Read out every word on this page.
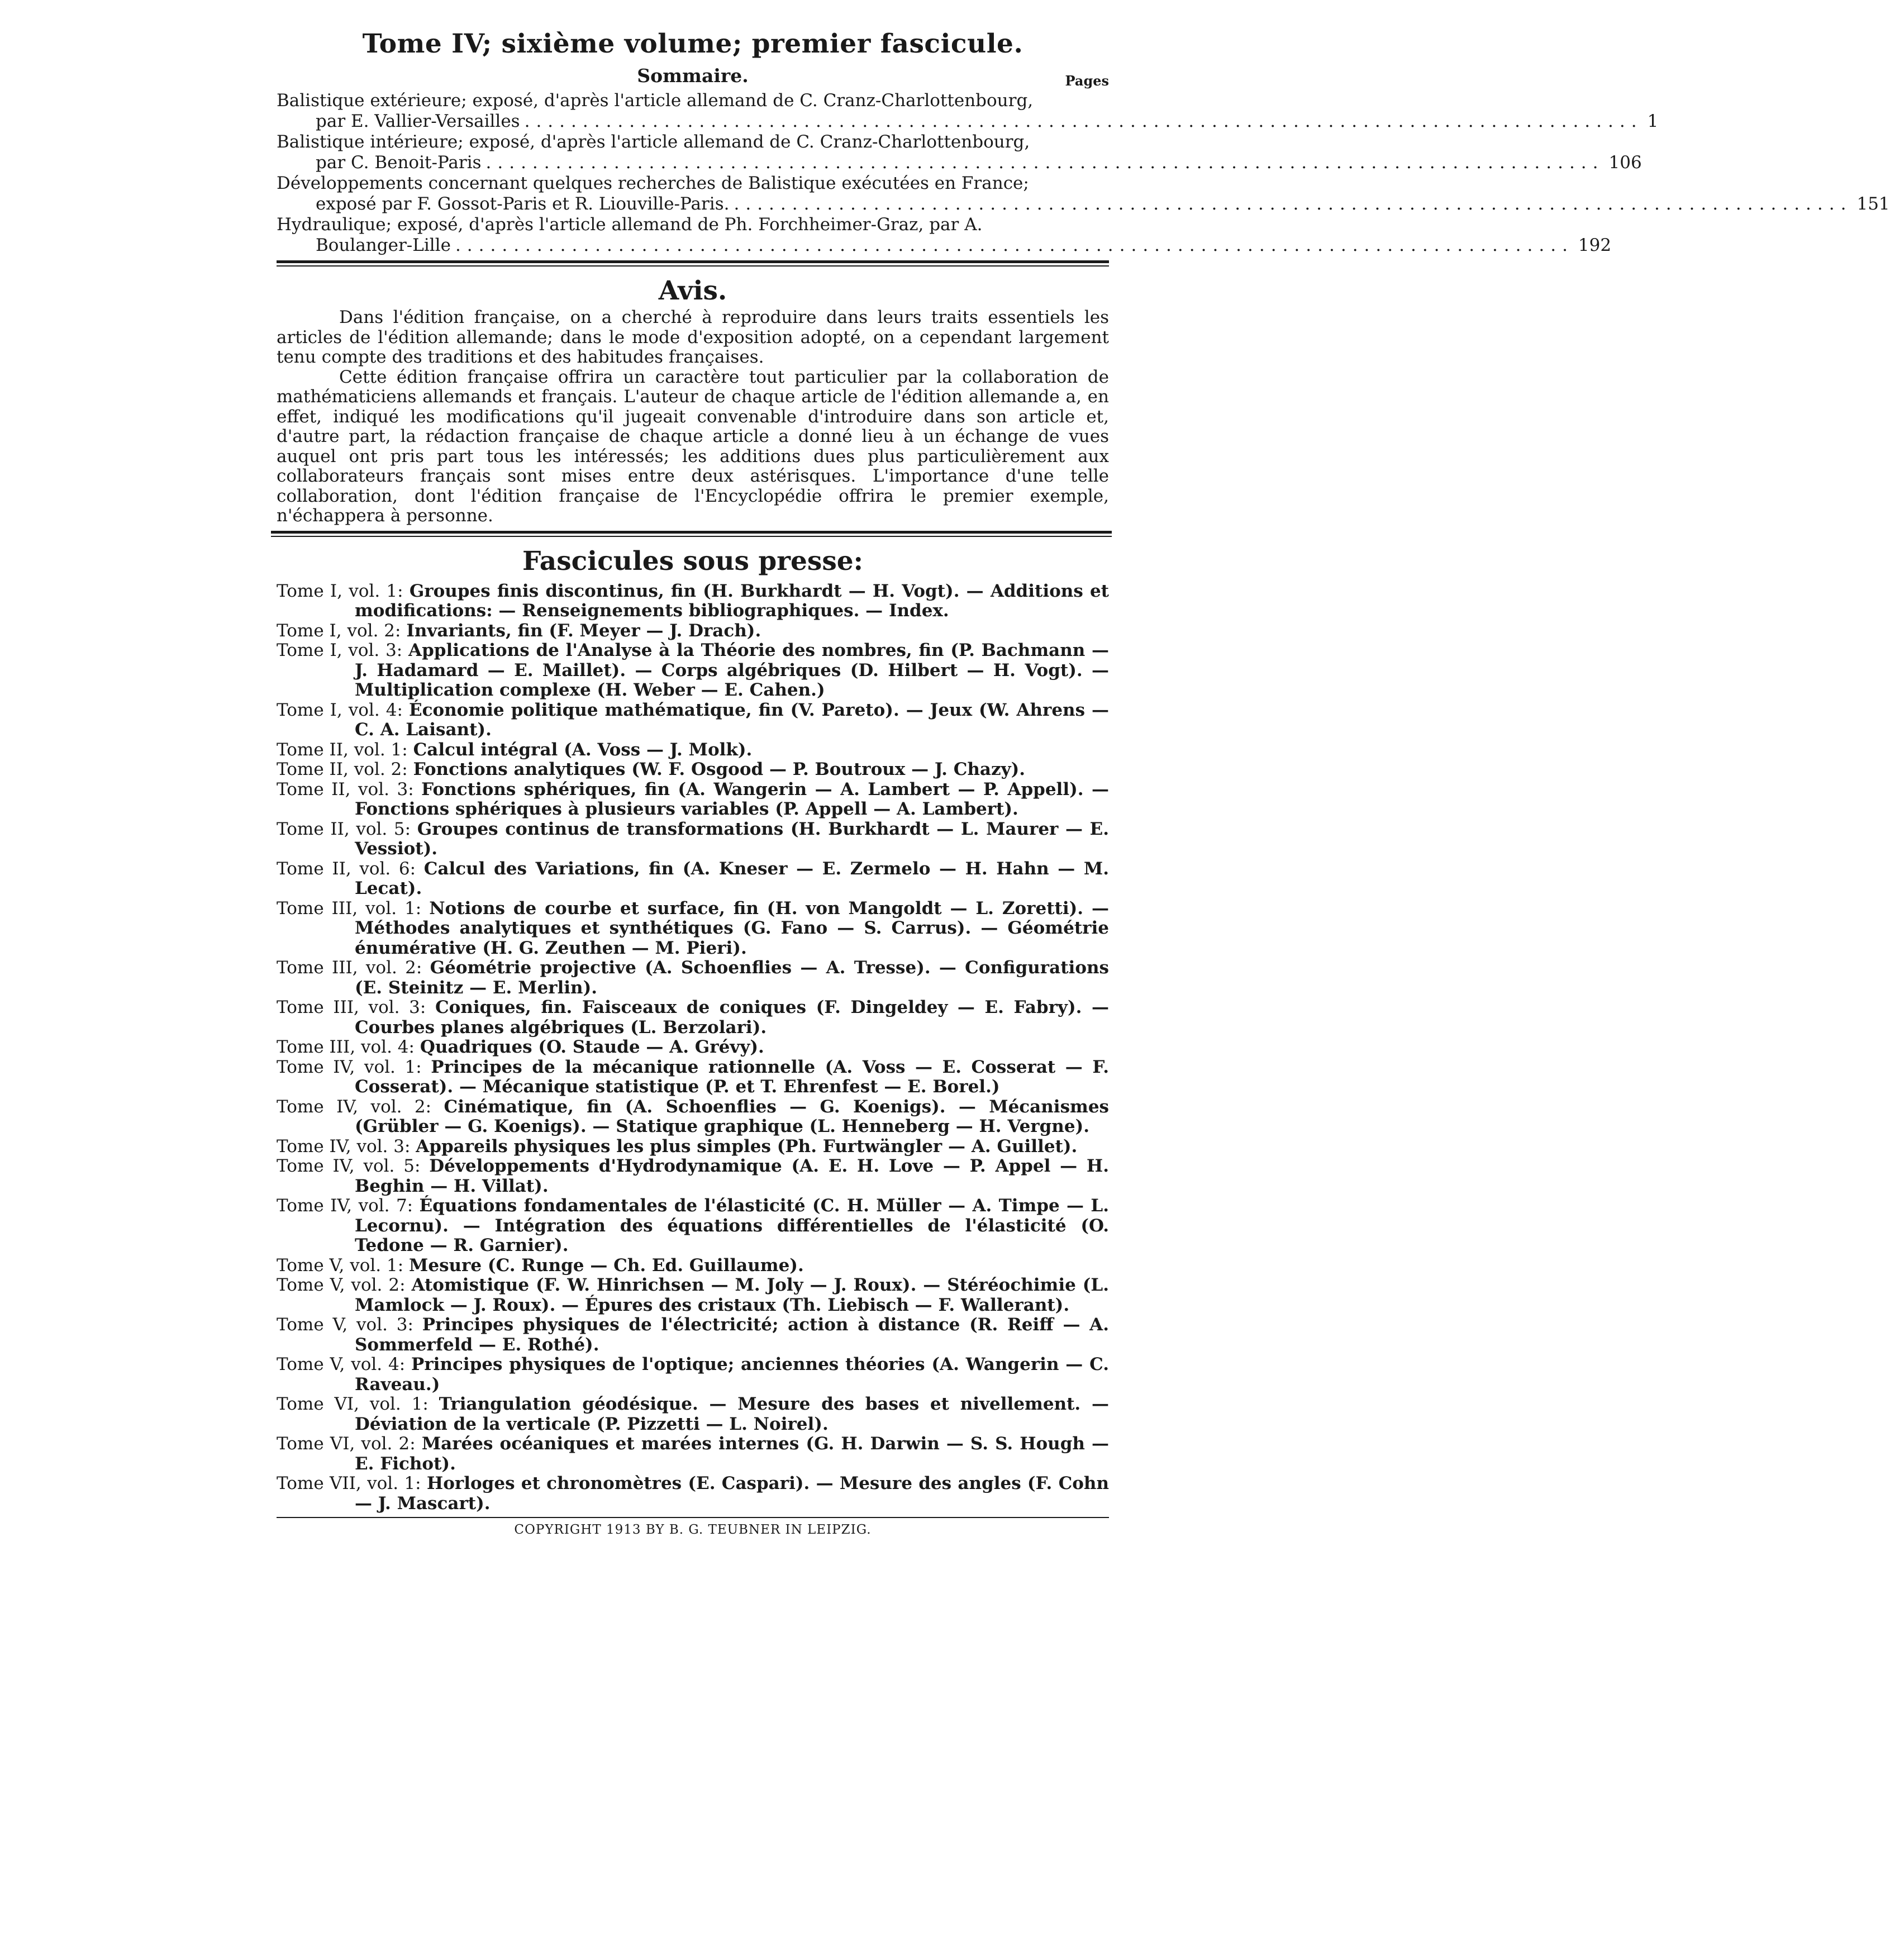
Tome IV; sixième volume; premier fascicule.
Sommaire.	Pages
Balistique extérieure; exposé, d'après l'article allemand de C. Cranz-Charlottenbourg,
par E. Vallier-Versailles ................................................................................................ 1
Balistique intérieure; exposé, d'après l'article allemand de C. Cranz-Charlottenbourg,
par C. Benoit-Paris ................................................................................................ 106
Développements concernant quelques recherches de Balistique exécutées en France;
exposé par F. Gossot-Paris et R. Liouville-Paris. ................................................................................................ 151
Hydraulique; exposé, d'après l'article allemand de Ph. Forchheimer-Graz, par A.
Boulanger-Lille ................................................................................................ 192
Avis.

Dans l'édition française, on a cherché à reproduire dans leurs traits essentiels les articles de l'édition allemande; dans le mode d'exposition adopté, on a cependant largement tenu compte des traditions et des habitudes françaises.

Cette édition française offrira un caractère tout particulier par la collaboration de mathématiciens allemands et français. L'auteur de chaque article de l'édition allemande a, en effet, indiqué les modifications qu'il jugeait convenable d'introduire dans son article et, d'autre part, la rédaction française de chaque article a donné lieu à un échange de vues auquel ont pris part tous les intéressés; les additions dues plus particulièrement aux collaborateurs français sont mises entre deux astérisques. L'importance d'une telle collaboration, dont l'édition française de l'Encyclopédie offrira le premier exemple, n'échappera à personne.

Fascicules sous presse:
Tome I, vol. 1: Groupes finis discontinus, fin (H. Burkhardt — H. Vogt). — Additions et modifications: — Renseignements bibliographiques. — Index.
Tome I, vol. 2: Invariants, fin (F. Meyer — J. Drach).
Tome I, vol. 3: Applications de l'Analyse à la Théorie des nombres, fin (P. Bachmann — J. Hadamard — E. Maillet). — Corps algébriques (D. Hilbert — H. Vogt). — Multiplication complexe (H. Weber — E. Cahen.)
Tome I, vol. 4: Économie politique mathématique, fin (V. Pareto). — Jeux (W. Ahrens — C. A. Laisant).
Tome II, vol. 1: Calcul intégral (A. Voss — J. Molk).
Tome II, vol. 2: Fonctions analytiques (W. F. Osgood — P. Boutroux — J. Chazy).
Tome II, vol. 3: Fonctions sphériques, fin (A. Wangerin — A. Lambert — P. Appell). — Fonctions sphériques à plusieurs variables (P. Appell — A. Lambert).
Tome II, vol. 5: Groupes continus de transformations (H. Burkhardt — L. Maurer — E. Vessiot).
Tome II, vol. 6: Calcul des Variations, fin (A. Kneser — E. Zermelo — H. Hahn — M. Lecat).
Tome III, vol. 1: Notions de courbe et surface, fin (H. von Mangoldt — L. Zoretti). — Méthodes analytiques et synthétiques (G. Fano — S. Carrus). — Géométrie énumérative (H. G. Zeuthen — M. Pieri).
Tome III, vol. 2: Géométrie projective (A. Schoenflies — A. Tresse). — Configurations (E. Steinitz — E. Merlin).
Tome III, vol. 3: Coniques, fin. Faisceaux de coniques (F. Dingeldey — E. Fabry). — Courbes planes algébriques (L. Berzolari).
Tome III, vol. 4: Quadriques (O. Staude — A. Grévy).
Tome IV, vol. 1: Principes de la mécanique rationnelle (A. Voss — E. Cosserat — F. Cosserat). — Mécanique statistique (P. et T. Ehrenfest — E. Borel.)
Tome IV, vol. 2: Cinématique, fin (A. Schoenflies — G. Koenigs). — Mécanismes (Grübler — G. Koenigs). — Statique graphique (L. Henneberg — H. Vergne).
Tome IV, vol. 3: Appareils physiques les plus simples (Ph. Furtwängler — A. Guillet).
Tome IV, vol. 5: Développements d'Hydrodynamique (A. E. H. Love — P. Appel — H. Beghin — H. Villat).
Tome IV, vol. 7: Équations fondamentales de l'élasticité (C. H. Müller — A. Timpe — L. Lecornu). — Intégration des équations différentielles de l'élasticité (O. Tedone — R. Garnier).
Tome V, vol. 1: Mesure (C. Runge — Ch. Ed. Guillaume).
Tome V, vol. 2: Atomistique (F. W. Hinrichsen — M. Joly — J. Roux). — Stéréochimie (L. Mamlock — J. Roux). — Épures des cristaux (Th. Liebisch — F. Wallerant).
Tome V, vol. 3: Principes physiques de l'électricité; action à distance (R. Reiff — A. Sommerfeld — E. Rothé).
Tome V, vol. 4: Principes physiques de l'optique; anciennes théories (A. Wangerin — C. Raveau.)
Tome VI, vol. 1: Triangulation géodésique. — Mesure des bases et nivellement. — Déviation de la verticale (P. Pizzetti — L. Noirel).
Tome VI, vol. 2: Marées océaniques et marées internes (G. H. Darwin — S. S. Hough — E. Fichot).
Tome VII, vol. 1: Horloges et chronomètres (E. Caspari). — Mesure des angles (F. Cohn — J. Mascart).
COPYRIGHT 1913 BY B. G. TEUBNER IN LEIPZIG.
